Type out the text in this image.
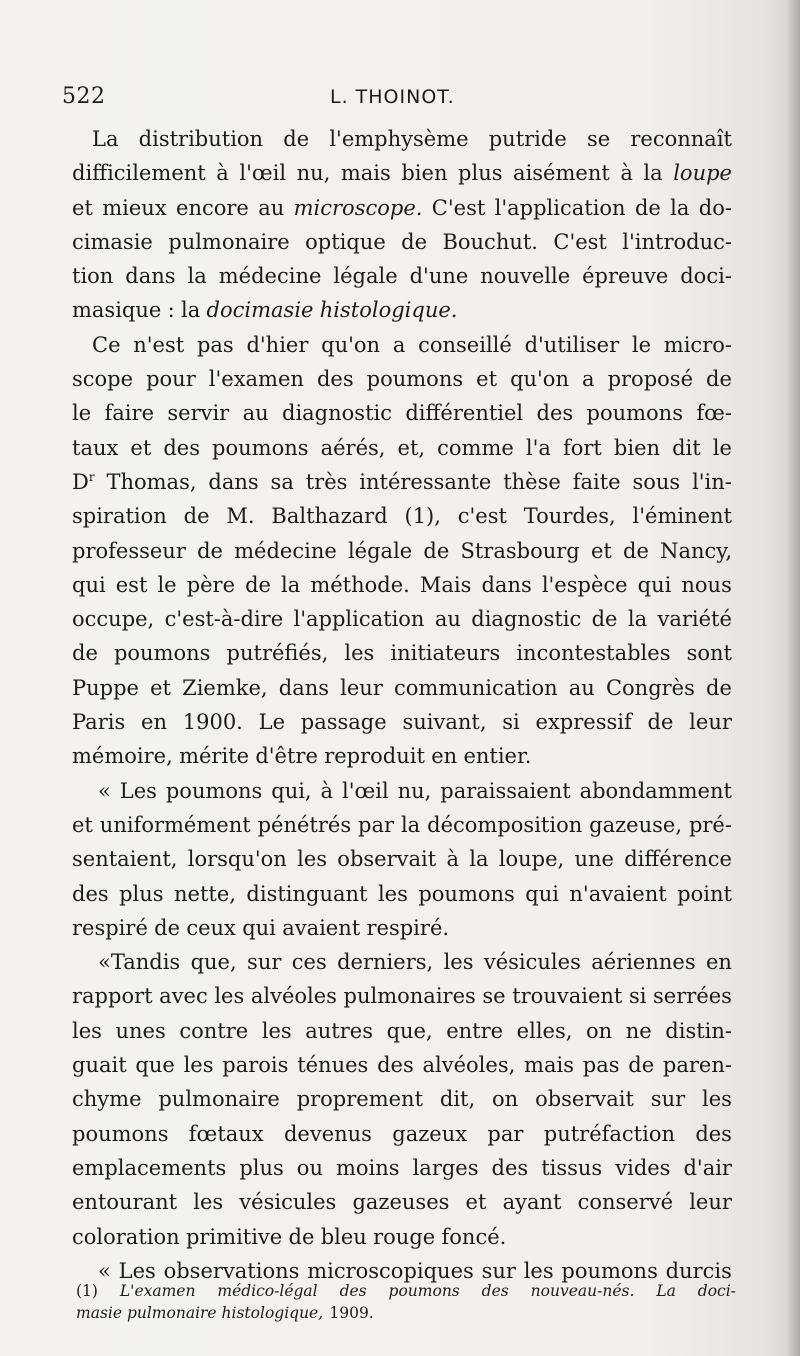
522	L. THOINOT.
La distribution de l'emphysème putride se reconnaît
difficilement à l'œil nu, mais bien plus aisément à la loupe
et mieux encore au microscope. C'est l'application de la do-
cimasie pulmonaire optique de Bouchut. C'est l'introduc-
tion dans la médecine légale d'une nouvelle épreuve doci-
masique : la docimasie histologique.
Ce n'est pas d'hier qu'on a conseillé d'utiliser le micro-
scope pour l'examen des poumons et qu'on a proposé de
le faire servir au diagnostic différentiel des poumons fœ-
taux et des poumons aérés, et, comme l'a fort bien dit le
$D^r$ Thomas, dans sa très intéressante thèse faite sous l'in-
spiration de M. Balthazard (1), c'est Tourdes, l'éminent
professeur de médecine légale de Strasbourg et de Nancy,
qui est le père de la méthode. Mais dans l'espèce qui nous
occupe, c'est-à-dire l'application au diagnostic de la variété
de poumons putréfiés, les initiateurs incontestables sont
Puppe et Ziemke, dans leur communication au Congrès de
Paris en 1900. Le passage suivant, si expressif de leur
mémoire, mérite d'être reproduit en entier.
« Les poumons qui, à l'œil nu, paraissaient abondamment
et uniformément pénétrés par la décomposition gazeuse, pré-
sentaient, lorsqu'on les observait à la loupe, une différence
des plus nette, distinguant les poumons qui n'avaient point
respiré de ceux qui avaient respiré.
«Tandis que, sur ces derniers, les vésicules aériennes en
rapport avec les alvéoles pulmonaires se trouvaient si serrées
les unes contre les autres que, entre elles, on ne distin-
guait que les parois ténues des alvéoles, mais pas de paren-
chyme pulmonaire proprement dit, on observait sur les
poumons fœtaux devenus gazeux par putréfaction des
emplacements plus ou moins larges des tissus vides d'air
entourant les vésicules gazeuses et ayant conservé leur
coloration primitive de bleu rouge foncé.
« Les observations microscopiques sur les poumons durcis
(1) L'examen médico-légal des poumons des nouveau-nés. La doci-
masie pulmonaire histologique, 1909.
